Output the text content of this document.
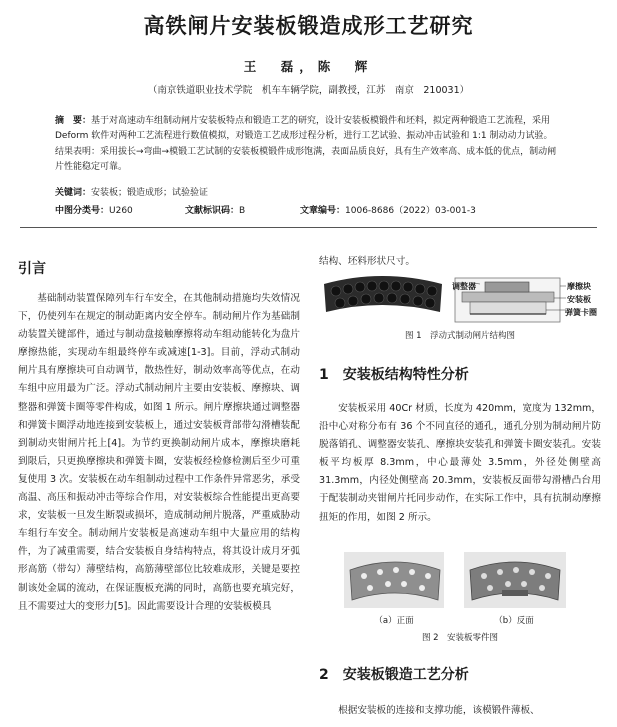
高铁闸片安装板锻造成形工艺研究
王　磊，陈　辉
（南京铁道职业技术学院　机车车辆学院，副教授，江苏　南京　210031）
摘　要：基于对高速动车组制动闸片安装板特点和锻造工艺的研究，设计安装板模锻件和坯料，拟定两种锻造工艺流程，采用 Deform 软件对两种工艺流程进行数值模拟，对锻造工艺成形过程分析，进行工艺试验、振动冲击试验和 1:1 制动动力试验。结果表明：采用拔长→弯曲→模锻工艺试制的安装板模锻件成形饱满，表面品质良好，具有生产效率高、成本低的优点，制动闸片性能稳定可靠。
关键词：安装板；锻造成形；试验验证
中图分类号：U260	文献标识码：B	文章编号：1006-8686（2022）03-001-3
引言
基础制动装置保障列车行车安全，在其他制动措施均失效情况下，仍使列车在规定的制动距离内安全停车。制动闸片作为基础制动装置关键部件，通过与制动盘接触摩擦将动车组动能转化为盘片摩擦热能，实现动车组最终停车或减速[1-3]。目前，浮动式制动闸片具有摩擦块可自动调节，散热性好，制动效率高等优点，在动车组中应用最为广泛。浮动式制动闸片主要由安装板、摩擦块、调整器和弹簧卡圈等零件构成，如图 1 所示。闸片摩擦块通过调整器和弹簧卡圈浮动地连接到安装板上，通过安装板背部带勾滑槽装配到制动夹钳闸片托上[4]。为节约更换制动闸片成本，摩擦块磨耗到限后，只更换摩擦块和弹簧卡圈，安装板经检修检测后至少可重复使用 3 次。安装板在动车组制动过程中工作条件异常恶劣，承受高温、高压和振动冲击等综合作用，对安装板综合性能提出更高要求，安装板一旦发生断裂或损坏，造成制动闸片脱落，严重威胁动车组行车安全。制动闸片安装板是高速动车组中大量应用的结构件，为了减重需要，结合安装板自身结构特点，将其设计成月牙弧形高筋（带勾）薄壁结构，高筋薄壁部位比较难成形，关键是要控制该处金属的流动，在保证腹板充满的同时，高筋也要充填完好，且不需要过大的变形力[5]。因此需要设计合理的安装板模具
结构、坯料形状尺寸。
调整器	摩擦块
安装板
弹簧卡圈
图 1　浮动式制动闸片结构图
1　安装板结构特性分析
安装板采用 40Cr 材质，长度为 420mm，宽度为 132mm，沿中心对称分布有 36 个不同直径的通孔，通孔分别为制动闸片防脱落销孔、调整器安装孔、摩擦块安装孔和弹簧卡圈安装孔。安装板平均板厚 8.3mm，中心最薄处 3.5mm，外径处侧壁高 31.3mm，内径处侧壁高 20.3mm，安装板反面带勾滑槽凸台用于配装制动夹钳闸片托同步动作，在实际工作中，具有抗制动摩擦扭矩的作用，如图 2 所示。
（a）正面	（b）反面
图 2　安装板零件图
2　安装板锻造工艺分析
根据安装板的连接和支撑功能，该模锻件薄板、
